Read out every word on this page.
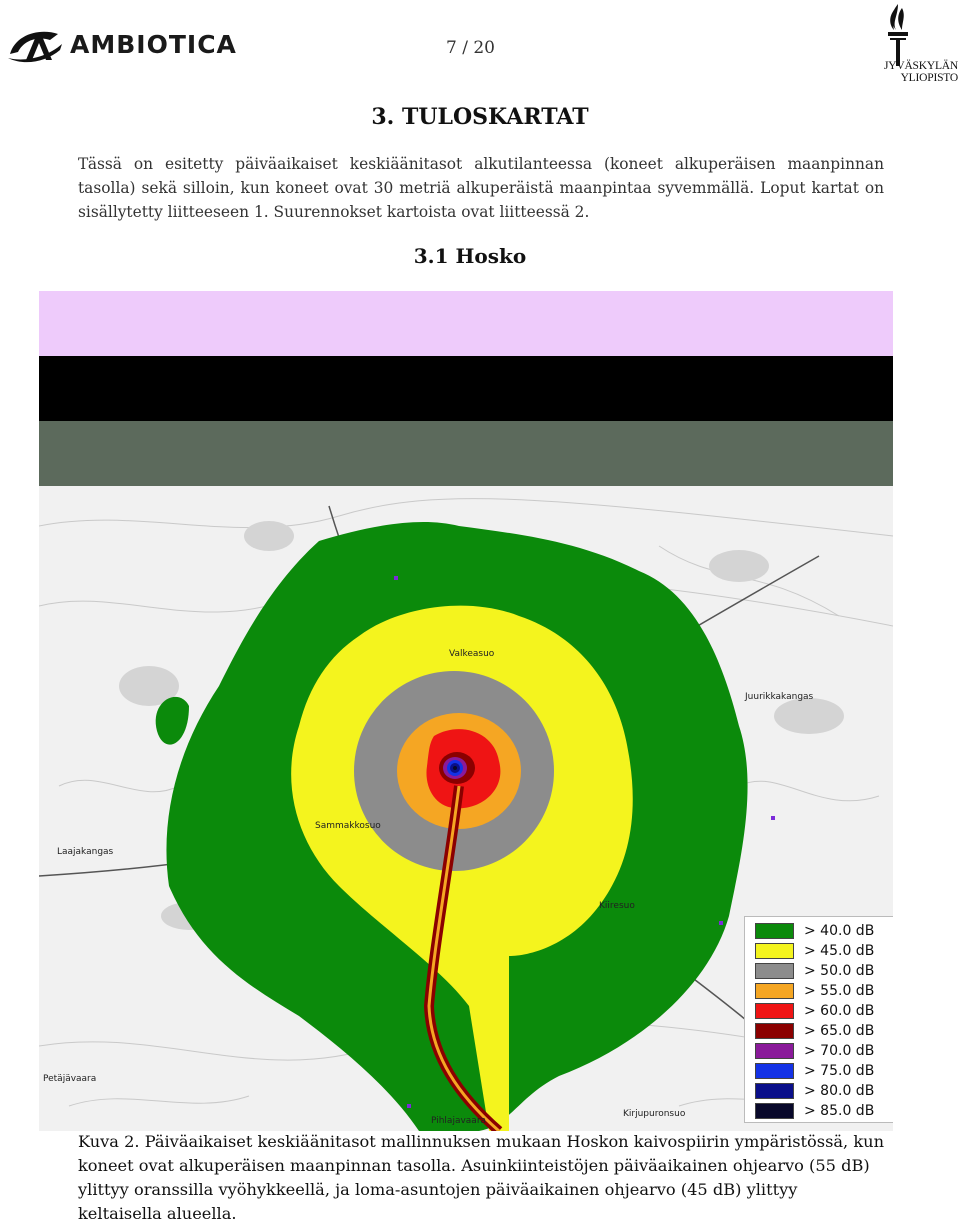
AMBIOTICA	7 / 20
JYVÄSKYLÄN YLIOPISTO
3. TULOSKARTAT

Tässä on esitetty päiväaikaiset keskiäänitasot alkutilanteessa (koneet alkuperäisen maanpinnan tasolla) sekä silloin, kun koneet ovat 30 metriä alkuperäistä maanpintaa syvemmällä. Loput kartat on sisällytetty liitteeseen 1. Suurennokset kartoista ovat liitteessä 2.

3.1 Hosko
Valkeasuo
Sammakkosuo
Laajakangas
Petäjävaara
Pihlajavaara
Juurikkakangas
Kiiresuo
Kirjupuronsuo
> 40.0 dB
> 45.0 dB
> 50.0 dB
> 55.0 dB
> 60.0 dB
> 65.0 dB
> 70.0 dB
> 75.0 dB
> 80.0 dB
> 85.0 dB

Kuva 2. Päiväaikaiset keskiäänitasot mallinnuksen mukaan Hoskon kaivospiirin ympäristössä, kun koneet ovat alkuperäisen maanpinnan tasolla. Asuinkiinteistöjen päiväaikainen ohjearvo (55 dB) ylittyy oranssilla vyöhykkeellä, ja loma-asuntojen päiväaikainen ohjearvo (45 dB) ylittyy keltaisella alueella.
